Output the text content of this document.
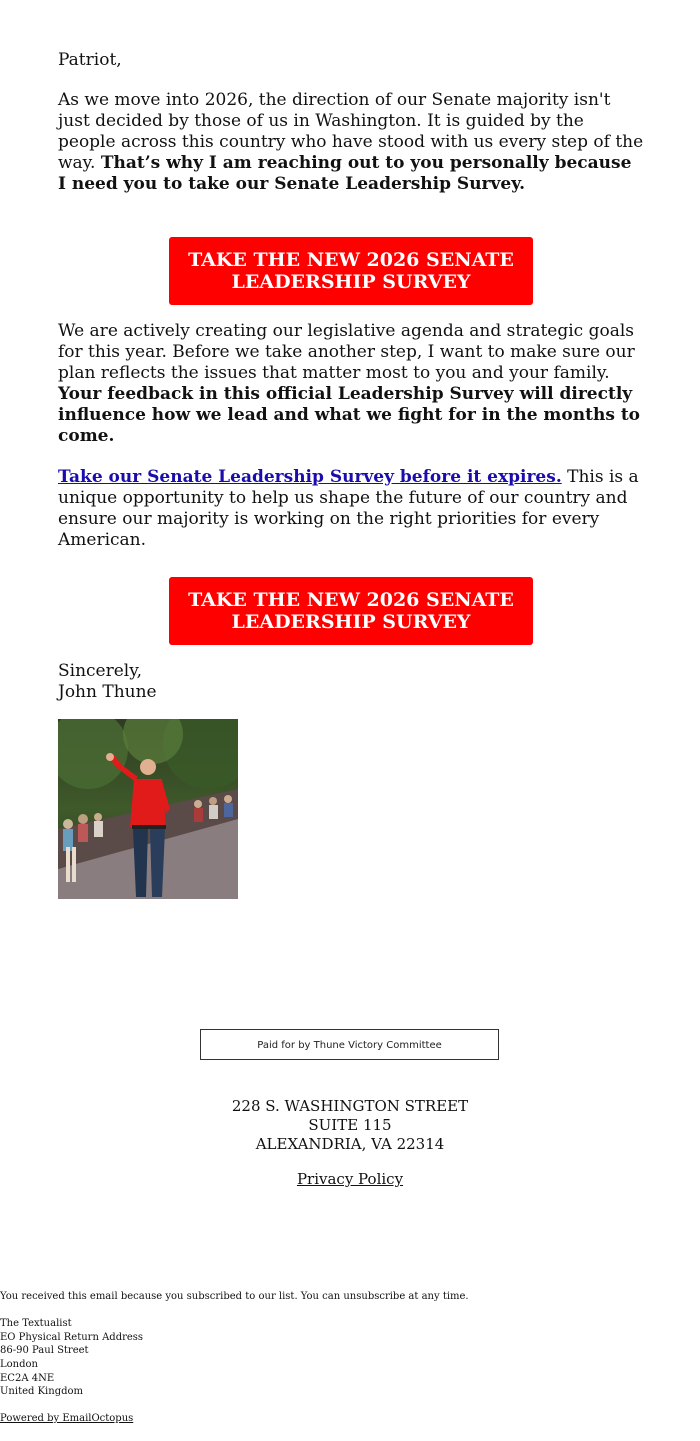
Patriot,

As we move into 2026, the direction of our Senate majority isn't just decided by those of us in Washington. It is guided by the people across this country who have stood with us every step of the way. That’s why I am reaching out to you personally because I need you to take our Senate Leadership Survey.

TAKE THE NEW 2026 SENATE LEADERSHIP SURVEY

We are actively creating our legislative agenda and strategic goals for this year. Before we take another step, I want to make sure our plan reflects the issues that matter most to you and your family. Your feedback in this official Leadership Survey will directly influence how we lead and what we fight for in the months to come.

Take our Senate Leadership Survey before it expires. This is a unique opportunity to help us shape the future of our country and ensure our majority is working on the right priorities for every American.

TAKE THE NEW 2026 SENATE LEADERSHIP SURVEY

Sincerely,

John Thune

Paid for by Thune Victory Committee
228 S. WASHINGTON STREET
SUITE 115
ALEXANDRIA, VA 22314
Privacy Policy

You received this email because you subscribed to our list. You can unsubscribe at any time.

The Textualist

EO Physical Return Address

86-90 Paul Street

London

EC2A 4NE

United Kingdom

Powered by EmailOctopus
